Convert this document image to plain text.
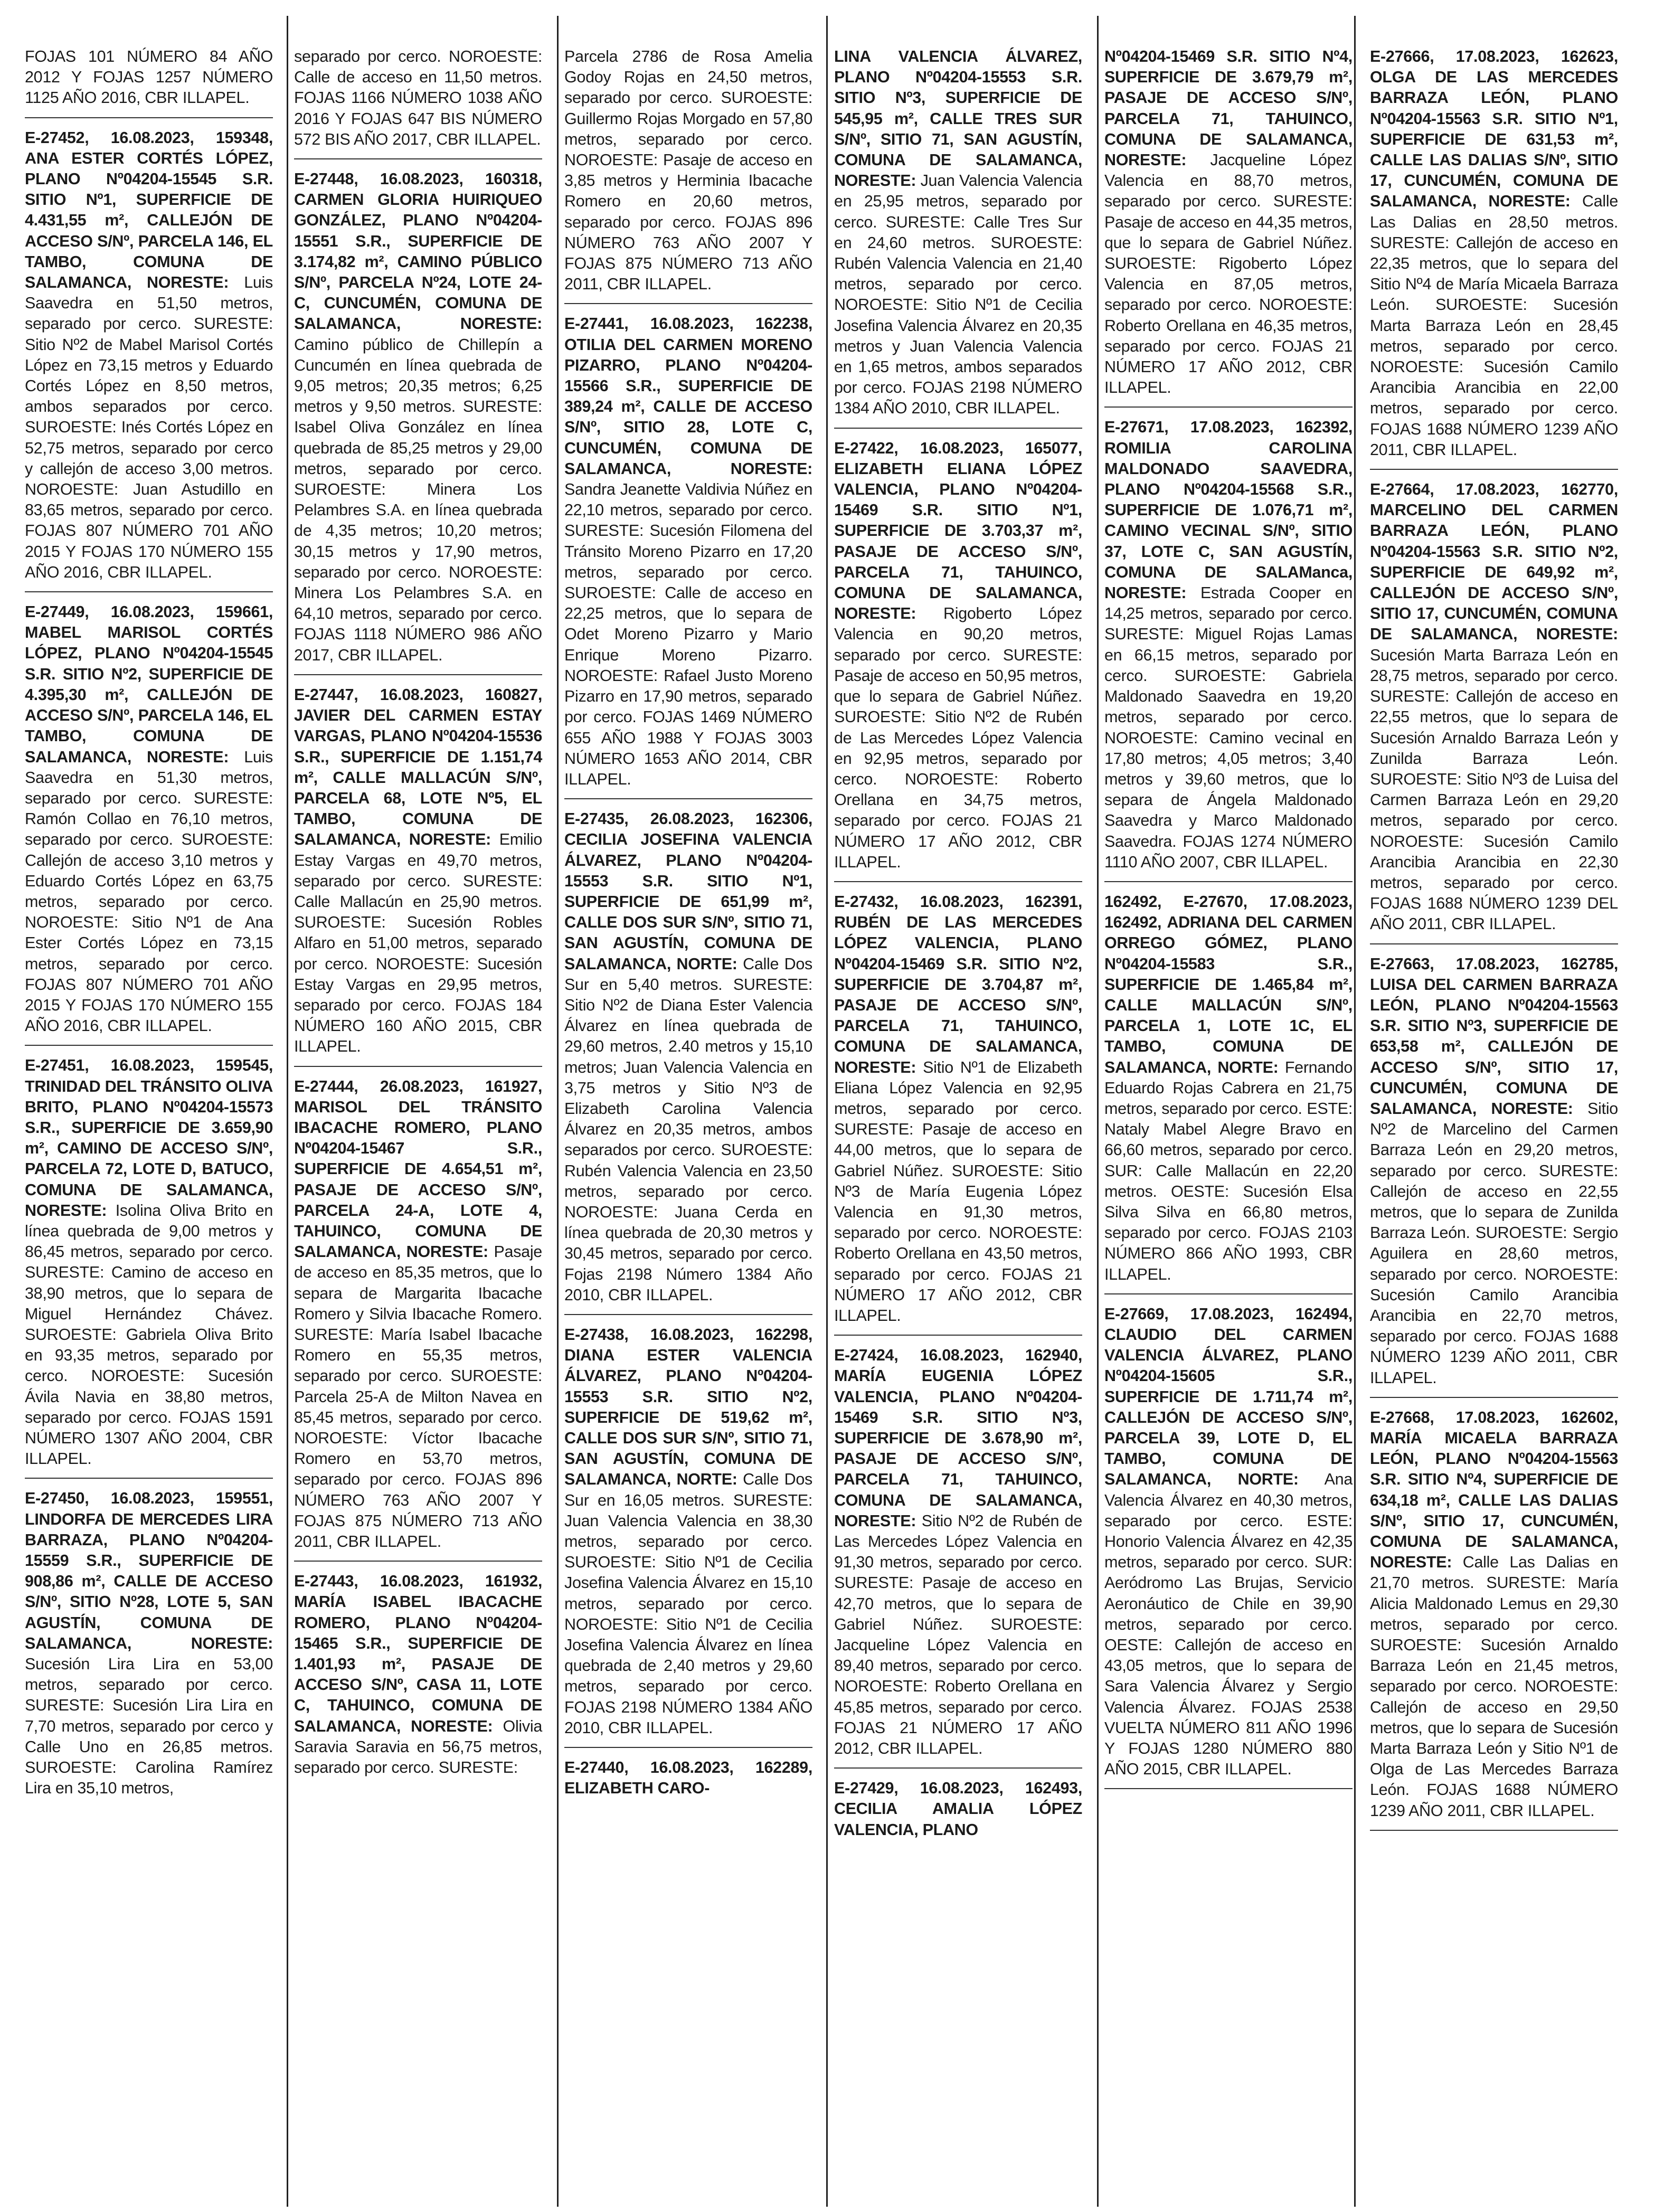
FOJAS 101 NÚMERO 84 AÑO 2012 Y FOJAS 1257 NÚMERO 1125 AÑO 2016, CBR ILLAPEL.

E-27452, 16.08.2023, 159348, ANA ESTER CORTÉS LÓPEZ, PLANO Nº04204-15545 S.R. SITIO Nº1, SUPERFICIE DE 4.431,55 m², CALLEJÓN DE ACCESO S/Nº, PARCELA 146, EL TAMBO, COMUNA DE SALAMANCA, NORESTE: Luis Saavedra en 51,50 metros, separado por cerco. SURESTE: Sitio Nº2 de Mabel Marisol Cortés López en 73,15 metros y Eduardo Cortés López en 8,50 metros, ambos separados por cerco. SUROESTE: Inés Cortés López en 52,75 metros, separado por cerco y callejón de acceso 3,00 metros. NOROESTE: Juan Astudillo en 83,65 metros, separado por cerco. FOJAS 807 NÚMERO 701 AÑO 2015 Y FOJAS 170 NÚMERO 155 AÑO 2016, CBR ILLAPEL.

E-27449, 16.08.2023, 159661, MABEL MARISOL CORTÉS LÓPEZ, PLANO Nº04204-15545 S.R. SITIO Nº2, SUPERFICIE DE 4.395,30 m², CALLEJÓN DE ACCESO S/Nº, PARCELA 146, EL TAMBO, COMUNA DE SALAMANCA, NORESTE: Luis Saavedra en 51,30 metros, separado por cerco. SURESTE: Ramón Collao en 76,10 metros, separado por cerco. SUROESTE: Callejón de acceso 3,10 metros y Eduardo Cortés López en 63,75 metros, separado por cerco. NOROESTE: Sitio Nº1 de Ana Ester Cortés López en 73,15 metros, separado por cerco. FOJAS 807 NÚMERO 701 AÑO 2015 Y FOJAS 170 NÚMERO 155 AÑO 2016, CBR ILLAPEL.

E-27451, 16.08.2023, 159545, TRINIDAD DEL TRÁNSITO OLIVA BRITO, PLANO Nº04204-15573 S.R., SUPERFICIE DE 3.659,90 m², CAMINO DE ACCESO S/Nº, PARCELA 72, LOTE D, BATUCO, COMUNA DE SALAMANCA, NORESTE: Isolina Oliva Brito en línea quebrada de 9,00 metros y 86,45 metros, separado por cerco. SURESTE: Camino de acceso en 38,90 metros, que lo separa de Miguel Hernández Chávez. SUROESTE: Gabriela Oliva Brito en 93,35 metros, separado por cerco. NOROESTE: Sucesión Ávila Navia en 38,80 metros, separado por cerco. FOJAS 1591 NÚMERO 1307 AÑO 2004, CBR ILLAPEL.

E-27450, 16.08.2023, 159551, LINDORFA DE MERCEDES LIRA BARRAZA, PLANO Nº04204-15559 S.R., SUPERFICIE DE 908,86 m², CALLE DE ACCESO S/Nº, SITIO Nº28, LOTE 5, SAN AGUSTÍN, COMUNA DE SALAMANCA, NORESTE: Sucesión Lira Lira en 53,00 metros, separado por cerco. SURESTE: Sucesión Lira Lira en 7,70 metros, separado por cerco y Calle Uno en 26,85 metros. SUROESTE: Carolina Ramírez Lira en 35,10 metros,

separado por cerco. NOROESTE: Calle de acceso en 11,50 metros. FOJAS 1166 NÚMERO 1038 AÑO 2016 Y FOJAS 647 BIS NÚMERO 572 BIS AÑO 2017, CBR ILLAPEL.

E-27448, 16.08.2023, 160318, CARMEN GLORIA HUIRIQUEO GONZÁLEZ, PLANO Nº04204-15551 S.R., SUPERFICIE DE 3.174,82 m², CAMINO PÚBLICO S/Nº, PARCELA Nº24, LOTE 24-C, CUNCUMÉN, COMUNA DE SALAMANCA, NORESTE: Camino público de Chillepín a Cuncumén en línea quebrada de 9,05 metros; 20,35 metros; 6,25 metros y 9,50 metros. SURESTE: Isabel Oliva González en línea quebrada de 85,25 metros y 29,00 metros, separado por cerco. SUROESTE: Minera Los Pelambres S.A. en línea quebrada de 4,35 metros; 10,20 metros; 30,15 metros y 17,90 metros, separado por cerco. NOROESTE: Minera Los Pelambres S.A. en 64,10 metros, separado por cerco. FOJAS 1118 NÚMERO 986 AÑO 2017, CBR ILLAPEL.

E-27447, 16.08.2023, 160827, JAVIER DEL CARMEN ESTAY VARGAS, PLANO Nº04204-15536 S.R., SUPERFICIE DE 1.151,74 m², CALLE MALLACÚN S/Nº, PARCELA 68, LOTE Nº5, EL TAMBO, COMUNA DE SALAMANCA, NORESTE: Emilio Estay Vargas en 49,70 metros, separado por cerco. SURESTE: Calle Mallacún en 25,90 metros. SUROESTE: Sucesión Robles Alfaro en 51,00 metros, separado por cerco. NOROESTE: Sucesión Estay Vargas en 29,95 metros, separado por cerco. FOJAS 184 NÚMERO 160 AÑO 2015, CBR ILLAPEL.

E-27444, 26.08.2023, 161927, MARISOL DEL TRÁNSITO IBACACHE ROMERO, PLANO Nº04204-15467 S.R., SUPERFICIE DE 4.654,51 m², PASAJE DE ACCESO S/Nº, PARCELA 24-A, LOTE 4, TAHUINCO, COMUNA DE SALAMANCA, NORESTE: Pasaje de acceso en 85,35 metros, que lo separa de Margarita Ibacache Romero y Silvia Ibacache Romero. SURESTE: María Isabel Ibacache Romero en 55,35 metros, separado por cerco. SUROESTE: Parcela 25-A de Milton Navea en 85,45 metros, separado por cerco. NOROESTE: Víctor Ibacache Romero en 53,70 metros, separado por cerco. FOJAS 896 NÚMERO 763 AÑO 2007 Y FOJAS 875 NÚMERO 713 AÑO 2011, CBR ILLAPEL.

E-27443, 16.08.2023, 161932, MARÍA ISABEL IBACACHE ROMERO, PLANO Nº04204-15465 S.R., SUPERFICIE DE 1.401,93 m², PASAJE DE ACCESO S/Nº, CASA 11, LOTE C, TAHUINCO, COMUNA DE SALAMANCA, NORESTE: Olivia Saravia Saravia en 56,75 metros, separado por cerco. SURESTE:

Parcela 2786 de Rosa Amelia Godoy Rojas en 24,50 metros, separado por cerco. SUROESTE: Guillermo Rojas Morgado en 57,80 metros, separado por cerco. NOROESTE: Pasaje de acceso en 3,85 metros y Herminia Ibacache Romero en 20,60 metros, separado por cerco. FOJAS 896 NÚMERO 763 AÑO 2007 Y FOJAS 875 NÚMERO 713 AÑO 2011, CBR ILLAPEL.

E-27441, 16.08.2023, 162238, OTILIA DEL CARMEN MORENO PIZARRO, PLANO Nº04204-15566 S.R., SUPERFICIE DE 389,24 m², CALLE DE ACCESO S/Nº, SITIO 28, LOTE C, CUNCUMÉN, COMUNA DE SALAMANCA, NORESTE: Sandra Jeanette Valdivia Núñez en 22,10 metros, separado por cerco. SURESTE: Sucesión Filomena del Tránsito Moreno Pizarro en 17,20 metros, separado por cerco. SUROESTE: Calle de acceso en 22,25 metros, que lo separa de Odet Moreno Pizarro y Mario Enrique Moreno Pizarro. NOROESTE: Rafael Justo Moreno Pizarro en 17,90 metros, separado por cerco. FOJAS 1469 NÚMERO 655 AÑO 1988 Y FOJAS 3003 NÚMERO 1653 AÑO 2014, CBR ILLAPEL.

E-27435, 26.08.2023, 162306, CECILIA JOSEFINA VALENCIA ÁLVAREZ, PLANO Nº04204-15553 S.R. SITIO Nº1, SUPERFICIE DE 651,99 m², CALLE DOS SUR S/Nº, SITIO 71, SAN AGUSTÍN, COMUNA DE SALAMANCA, NORTE: Calle Dos Sur en 5,40 metros. SURESTE: Sitio Nº2 de Diana Ester Valencia Álvarez en línea quebrada de 29,60 metros, 2.40 metros y 15,10 metros; Juan Valencia Valencia en 3,75 metros y Sitio Nº3 de Elizabeth Carolina Valencia Álvarez en 20,35 metros, ambos separados por cerco. SUROESTE: Rubén Valencia Valencia en 23,50 metros, separado por cerco. NOROESTE: Juana Cerda en línea quebrada de 20,30 metros y 30,45 metros, separado por cerco. Fojas 2198 Número 1384 Año 2010, CBR ILLAPEL.

E-27438, 16.08.2023, 162298, DIANA ESTER VALENCIA ÁLVAREZ, PLANO Nº04204-15553 S.R. SITIO Nº2, SUPERFICIE DE 519,62 m², CALLE DOS SUR S/Nº, SITIO 71, SAN AGUSTÍN, COMUNA DE SALAMANCA, NORTE: Calle Dos Sur en 16,05 metros. SURESTE: Juan Valencia Valencia en 38,30 metros, separado por cerco. SUROESTE: Sitio Nº1 de Cecilia Josefina Valencia Álvarez en 15,10 metros, separado por cerco. NOROESTE: Sitio Nº1 de Cecilia Josefina Valencia Álvarez en línea quebrada de 2,40 metros y 29,60 metros, separado por cerco. FOJAS 2198 NÚMERO 1384 AÑO 2010, CBR ILLAPEL.

E-27440, 16.08.2023, 162289, ELIZABETH CARO-

LINA VALENCIA ÁLVAREZ, PLANO Nº04204-15553 S.R. SITIO Nº3, SUPERFICIE DE 545,95 m², CALLE TRES SUR S/Nº, SITIO 71, SAN AGUSTÍN, COMUNA DE SALAMANCA, NORESTE: Juan Valencia Valencia en 25,95 metros, separado por cerco. SURESTE: Calle Tres Sur en 24,60 metros. SUROESTE: Rubén Valencia Valencia en 21,40 metros, separado por cerco. NOROESTE: Sitio Nº1 de Cecilia Josefina Valencia Álvarez en 20,35 metros y Juan Valencia Valencia en 1,65 metros, ambos separados por cerco. FOJAS 2198 NÚMERO 1384 AÑO 2010, CBR ILLAPEL.

E-27422, 16.08.2023, 165077, ELIZABETH ELIANA LÓPEZ VALENCIA, PLANO Nº04204-15469 S.R. SITIO Nº1, SUPERFICIE DE 3.703,37 m², PASAJE DE ACCESO S/Nº, PARCELA 71, TAHUINCO, COMUNA DE SALAMANCA, NORESTE: Rigoberto López Valencia en 90,20 metros, separado por cerco. SURESTE: Pasaje de acceso en 50,95 metros, que lo separa de Gabriel Núñez. SUROESTE: Sitio Nº2 de Rubén de Las Mercedes López Valencia en 92,95 metros, separado por cerco. NOROESTE: Roberto Orellana en 34,75 metros, separado por cerco. FOJAS 21 NÚMERO 17 AÑO 2012, CBR ILLAPEL.

E-27432, 16.08.2023, 162391, RUBÉN DE LAS MERCEDES LÓPEZ VALENCIA, PLANO Nº04204-15469 S.R. SITIO Nº2, SUPERFICIE DE 3.704,87 m², PASAJE DE ACCESO S/Nº, PARCELA 71, TAHUINCO, COMUNA DE SALAMANCA, NORESTE: Sitio Nº1 de Elizabeth Eliana López Valencia en 92,95 metros, separado por cerco. SURESTE: Pasaje de acceso en 44,00 metros, que lo separa de Gabriel Núñez. SUROESTE: Sitio Nº3 de María Eugenia López Valencia en 91,30 metros, separado por cerco. NOROESTE: Roberto Orellana en 43,50 metros, separado por cerco. FOJAS 21 NÚMERO 17 AÑO 2012, CBR ILLAPEL.

E-27424, 16.08.2023, 162940, MARÍA EUGENIA LÓPEZ VALENCIA, PLANO Nº04204-15469 S.R. SITIO Nº3, SUPERFICIE DE 3.678,90 m², PASAJE DE ACCESO S/Nº, PARCELA 71, TAHUINCO, COMUNA DE SALAMANCA, NORESTE: Sitio Nº2 de Rubén de Las Mercedes López Valencia en 91,30 metros, separado por cerco. SURESTE: Pasaje de acceso en 42,70 metros, que lo separa de Gabriel Núñez. SUROESTE: Jacqueline López Valencia en 89,40 metros, separado por cerco. NOROESTE: Roberto Orellana en 45,85 metros, separado por cerco. FOJAS 21 NÚMERO 17 AÑO 2012, CBR ILLAPEL.

E-27429, 16.08.2023, 162493, CECILIA AMALIA LÓPEZ VALENCIA, PLANO

Nº04204-15469 S.R. SITIO Nº4, SUPERFICIE DE 3.679,79 m², PASAJE DE ACCESO S/Nº, PARCELA 71, TAHUINCO, COMUNA DE SALAMANCA, NORESTE: Jacqueline López Valencia en 88,70 metros, separado por cerco. SURESTE: Pasaje de acceso en 44,35 metros, que lo separa de Gabriel Núñez. SUROESTE: Rigoberto López Valencia en 87,05 metros, separado por cerco. NOROESTE: Roberto Orellana en 46,35 metros, separado por cerco. FOJAS 21 NÚMERO 17 AÑO 2012, CBR ILLAPEL.

E-27671, 17.08.2023, 162392, ROMILIA CAROLINA MALDONADO SAAVEDRA, PLANO Nº04204-15568 S.R., SUPERFICIE DE 1.076,71 m², CAMINO VECINAL S/Nº, SITIO 37, LOTE C, SAN AGUSTÍN, COMUNA DE SALAManca, NORESTE: Estrada Cooper en 14,25 metros, separado por cerco. SURESTE: Miguel Rojas Lamas en 66,15 metros, separado por cerco. SUROESTE: Gabriela Maldonado Saavedra en 19,20 metros, separado por cerco. NOROESTE: Camino vecinal en 17,80 metros; 4,05 metros; 3,40 metros y 39,60 metros, que lo separa de Ángela Maldonado Saavedra y Marco Maldonado Saavedra. FOJAS 1274 NÚMERO 1110 AÑO 2007, CBR ILLAPEL.

162492, E-27670, 17.08.2023, 162492, ADRIANA DEL CARMEN ORREGO GÓMEZ, PLANO Nº04204-15583 S.R., SUPERFICIE DE 1.465,84 m², CALLE MALLACÚN S/Nº, PARCELA 1, LOTE 1C, EL TAMBO, COMUNA DE SALAMANCA, NORTE: Fernando Eduardo Rojas Cabrera en 21,75 metros, separado por cerco. ESTE: Nataly Mabel Alegre Bravo en 66,60 metros, separado por cerco. SUR: Calle Mallacún en 22,20 metros. OESTE: Sucesión Elsa Silva Silva en 66,80 metros, separado por cerco. FOJAS 2103 NÚMERO 866 AÑO 1993, CBR ILLAPEL.

E-27669, 17.08.2023, 162494, CLAUDIO DEL CARMEN VALENCIA ÁLVAREZ, PLANO Nº04204-15605 S.R., SUPERFICIE DE 1.711,74 m², CALLEJÓN DE ACCESO S/Nº, PARCELA 39, LOTE D, EL TAMBO, COMUNA DE SALAMANCA, NORTE: Ana Valencia Álvarez en 40,30 metros, separado por cerco. ESTE: Honorio Valencia Álvarez en 42,35 metros, separado por cerco. SUR: Aeródromo Las Brujas, Servicio Aeronáutico de Chile en 39,90 metros, separado por cerco. OESTE: Callejón de acceso en 43,05 metros, que lo separa de Sara Valencia Álvarez y Sergio Valencia Álvarez. FOJAS 2538 VUELTA NÚMERO 811 AÑO 1996 Y FOJAS 1280 NÚMERO 880 AÑO 2015, CBR ILLAPEL.

E-27666, 17.08.2023, 162623, OLGA DE LAS MERCEDES BARRAZA LEÓN, PLANO Nº04204-15563 S.R. SITIO Nº1, SUPERFICIE DE 631,53 m², CALLE LAS DALIAS S/Nº, SITIO 17, CUNCUMÉN, COMUNA DE SALAMANCA, NORESTE: Calle Las Dalias en 28,50 metros. SURESTE: Callejón de acceso en 22,35 metros, que lo separa del Sitio Nº4 de María Micaela Barraza León. SUROESTE: Sucesión Marta Barraza León en 28,45 metros, separado por cerco. NOROESTE: Sucesión Camilo Arancibia Arancibia en 22,00 metros, separado por cerco. FOJAS 1688 NÚMERO 1239 AÑO 2011, CBR ILLAPEL.

E-27664, 17.08.2023, 162770, MARCELINO DEL CARMEN BARRAZA LEÓN, PLANO Nº04204-15563 S.R. SITIO Nº2, SUPERFICIE DE 649,92 m², CALLEJÓN DE ACCESO S/Nº, SITIO 17, CUNCUMÉN, COMUNA DE SALAMANCA, NORESTE: Sucesión Marta Barraza León en 28,75 metros, separado por cerco. SURESTE: Callejón de acceso en 22,55 metros, que lo separa de Sucesión Arnaldo Barraza León y Zunilda Barraza León. SUROESTE: Sitio Nº3 de Luisa del Carmen Barraza León en 29,20 metros, separado por cerco. NOROESTE: Sucesión Camilo Arancibia Arancibia en 22,30 metros, separado por cerco. FOJAS 1688 NÚMERO 1239 DEL AÑO 2011, CBR ILLAPEL.

E-27663, 17.08.2023, 162785, LUISA DEL CARMEN BARRAZA LEÓN, PLANO Nº04204-15563 S.R. SITIO Nº3, SUPERFICIE DE 653,58 m², CALLEJÓN DE ACCESO S/Nº, SITIO 17, CUNCUMÉN, COMUNA DE SALAMANCA, NORESTE: Sitio Nº2 de Marcelino del Carmen Barraza León en 29,20 metros, separado por cerco. SURESTE: Callejón de acceso en 22,55 metros, que lo separa de Zunilda Barraza León. SUROESTE: Sergio Aguilera en 28,60 metros, separado por cerco. NOROESTE: Sucesión Camilo Arancibia Arancibia en 22,70 metros, separado por cerco. FOJAS 1688 NÚMERO 1239 AÑO 2011, CBR ILLAPEL.

E-27668, 17.08.2023, 162602, MARÍA MICAELA BARRAZA LEÓN, PLANO Nº04204-15563 S.R. SITIO Nº4, SUPERFICIE DE 634,18 m², CALLE LAS DALIAS S/Nº, SITIO 17, CUNCUMÉN, COMUNA DE SALAMANCA, NORESTE: Calle Las Dalias en 21,70 metros. SURESTE: María Alicia Maldonado Lemus en 29,30 metros, separado por cerco. SUROESTE: Sucesión Arnaldo Barraza León en 21,45 metros, separado por cerco. NOROESTE: Callejón de acceso en 29,50 metros, que lo separa de Sucesión Marta Barraza León y Sitio Nº1 de Olga de Las Mercedes Barraza León. FOJAS 1688 NÚMERO 1239 AÑO 2011, CBR ILLAPEL.
